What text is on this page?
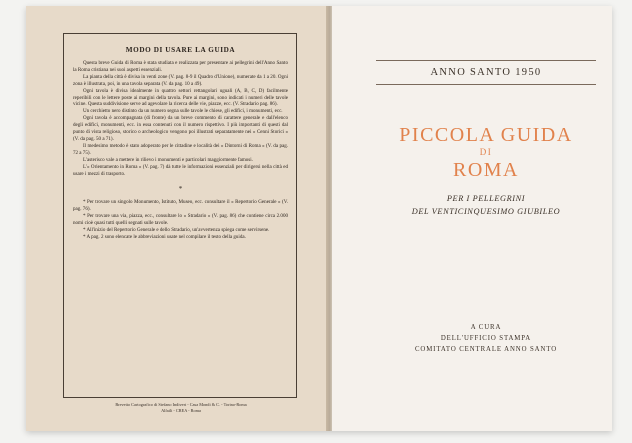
MODO DI USARE LA GUIDA

Questa breve Guida di Roma è stata studiata e realizzata per presentare ai pellegrini dell'Anno Santo la Roma cristiana nei suoi aspetti essenziali.

La pianta della città è divisa in venti zone (V. pag. 8-9 il Quadro d'Unione), numerate da 1 a 20. Ogni zona è illustrata, poi, in una tavola separata (V. da pag. 10 a 49).

Ogni tavola è divisa idealmente in quattro settori rettangolari uguali (A, B, C, D) facilmente reperibili con le lettere poste ai margini della tavola. Pure ai margini, sono indicati i numeri delle tavole vicine. Questa suddivisione serve ad agevolare la ricerca delle vie, piazze, ecc. (V. Stradario pag. 86).

Un cerchietto nero distinto da un numero segna sulle tavole le chiese, gli edifici, i monumenti, ecc.

Ogni tavola è accompagnata (di fronte) da un breve commento di carattere generale e dall'elenco degli edifici, monumenti, ecc. in essa contenuti con il numero rispettivo. I più importanti di questi dal punto di vista religioso, storico o archeologico vengono poi illustrati separatamente nei « Cenni Storici » (V. da pag. 50 a 71).

Il medesimo metodo è stato adoperato per le cittadine e località dei « Dintorni di Roma » (V. da pag. 72 a 75).

L'asterisco vale a mettere in rilievo i monumenti e particolari maggiormente famosi.

L'« Orientamento in Roma » (V. pag. 7) dà tutte le informazioni essenziali per dirigersi nella città ed usare i mezzi di trasporto.

*

* Per trovare un singolo Monumento, Istituto, Museo, ecc. consultare il « Repertorio Generale » (V. pag. 76).

* Per trovare una via, piazza, ecc., consultare lo « Stradario » (V. pag. 86) che contiene circa 2.000 nomi cioè quasi tutti quelli segnati sulle tavole.

* All'inizio del Repertorio Generale e dello Stradario, un'avvertenza spiega come servirsene.

* A pag. 2 sono elencate le abbreviazioni usate nel compilare il testo della guida.

Brevetto Cartografico di Stefano Indivert - Casa Mondi & C. - Torino-Roma
Alfaili - CREA - Roma
ANNO SANTO 1950
PICCOLA GUIDA
DI
ROMA
PER I PELLEGRINI
DEL VENTICINQUESIMO GIUBILEO
A CURA
DELL'UFFICIO STAMPA
COMITATO CENTRALE ANNO SANTO
